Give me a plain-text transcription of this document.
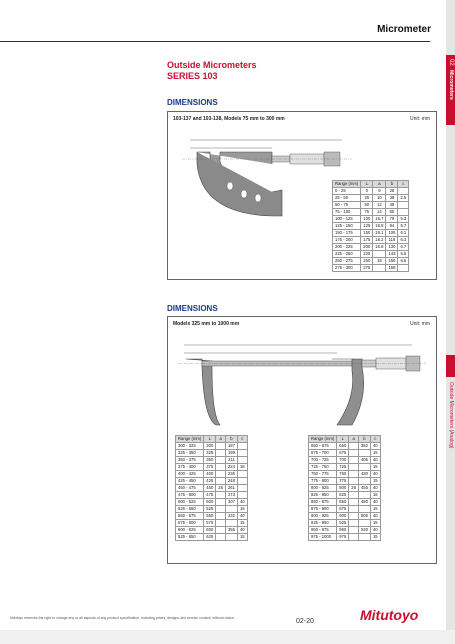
02
Micrometers
Outside Micrometers (Analog)
Micrometer
Outside Micrometers
SERIES 103
DIMENSIONS
103-137 and 103-138, Models 75 mm to 300 mm	Unit: mm
Range (mm)	L	a	b	c
0 - 25	0	9	28	
25 - 50	25	10	38	2.5
50 - 75	50	12	49	
75 - 100	75	14	60	
100 - 125	100	16.7	79	5.3
125 - 150	125	18.8	94	5.7
150 - 175	150	19.1	106	6.1
175 - 200	175	18.2	118	6.3
200 - 225	200	16.8	130	6.7
225 - 250	225		143	5.5
250 - 275	250	18	156	6.5
275 - 300	275		169	
DIMENSIONS
Models 325 mm to 1000 mm	Unit: mm
Range (mm)	L	a	b	c
300 - 325	300		187	
325 - 350	325		199	
350 - 375	350		211	
375 - 400	375		224	18
400 - 425	400		236	
425 - 450	425		248	
450 - 475	450	28	261	
475 - 500	475		273	
500 - 525	500		307	40
525 - 550	525			15
550 - 575	550		332	40
575 - 600	575			15
600 - 625	600		355	40
625 - 650	625			15
Range (mm)	L	a	b	c
650 - 675	650		382	40
675 - 700	675			15
700 - 725	700		405	40
725 - 750	725			15
750 - 775	750		430	40
775 - 800	775			15
800 - 825	800	28	455	40
825 - 850	825			15
850 - 875	850		480	40
875 - 900	875			15
900 - 925	900		505	40
925 - 950	925			15
950 - 975	950		530	40
975 - 1000	975			15
Mitutoyo reserves the right to change any or all aspects of any product specification, including prices, designs and service content, without notice.	02-20	Mitutoyo
